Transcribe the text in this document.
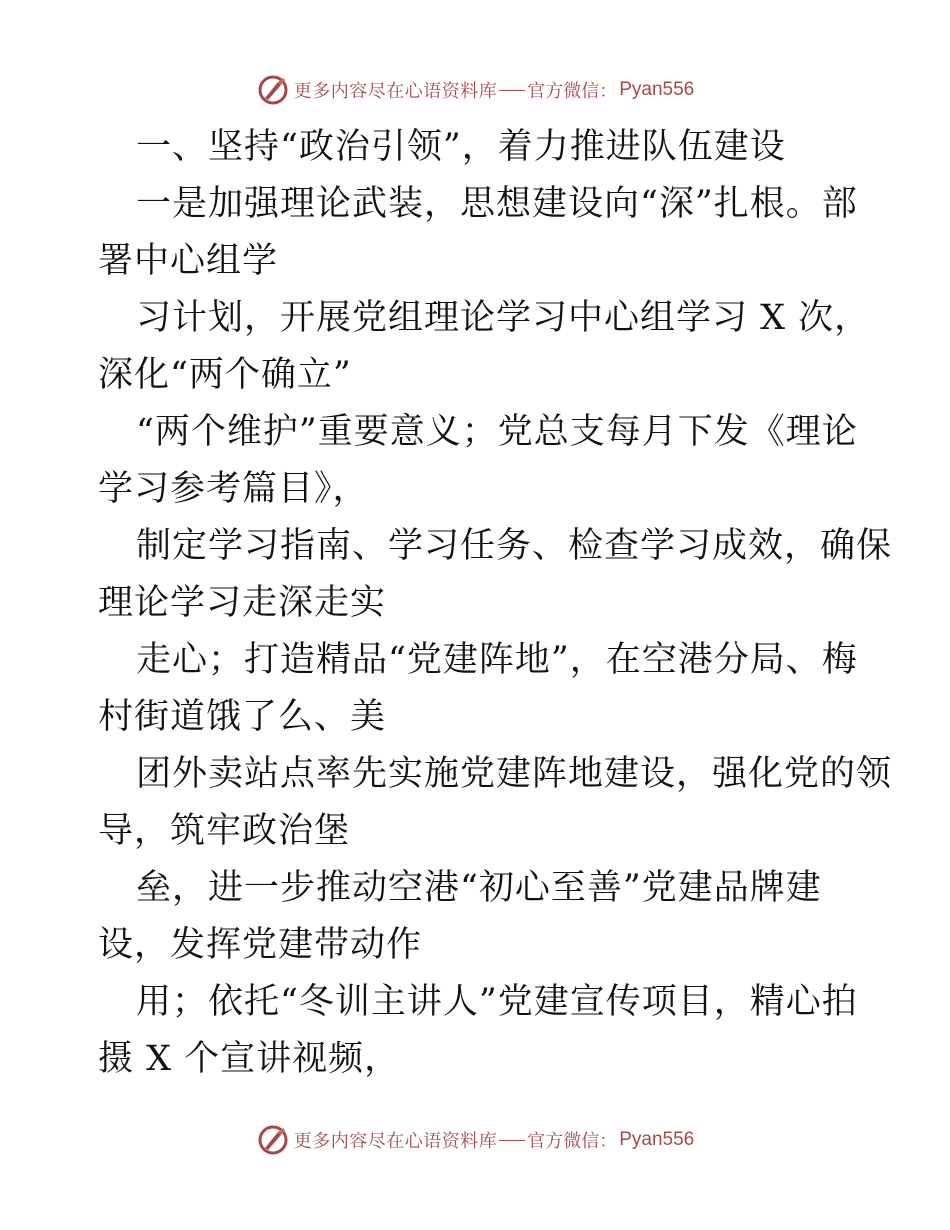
更多内容尽在心语资料库 官方微信： Pyan556
一、坚持“政治引领”，着力推进队伍建设
一是加强理论武装，思想建设向“深”扎根。部
署中心组学
习计划，开展党组理论学习中心组学习 X 次，
深化“两个确立”
“两个维护”重要意义；党总支每月下发《理论
学习参考篇目》，
制定学习指南、学习任务、检查学习成效，确保
理论学习走深走实
走心；打造精品“党建阵地”，在空港分局、梅
村街道饿了么、美
团外卖站点率先实施党建阵地建设，强化党的领
导，筑牢政治堡
垒，进一步推动空港“初心至善”党建品牌建
设，发挥党建带动作
用；依托“冬训主讲人”党建宣传项目，精心拍
摄 X 个宣讲视频，
更多内容尽在心语资料库 官方微信： Pyan556
